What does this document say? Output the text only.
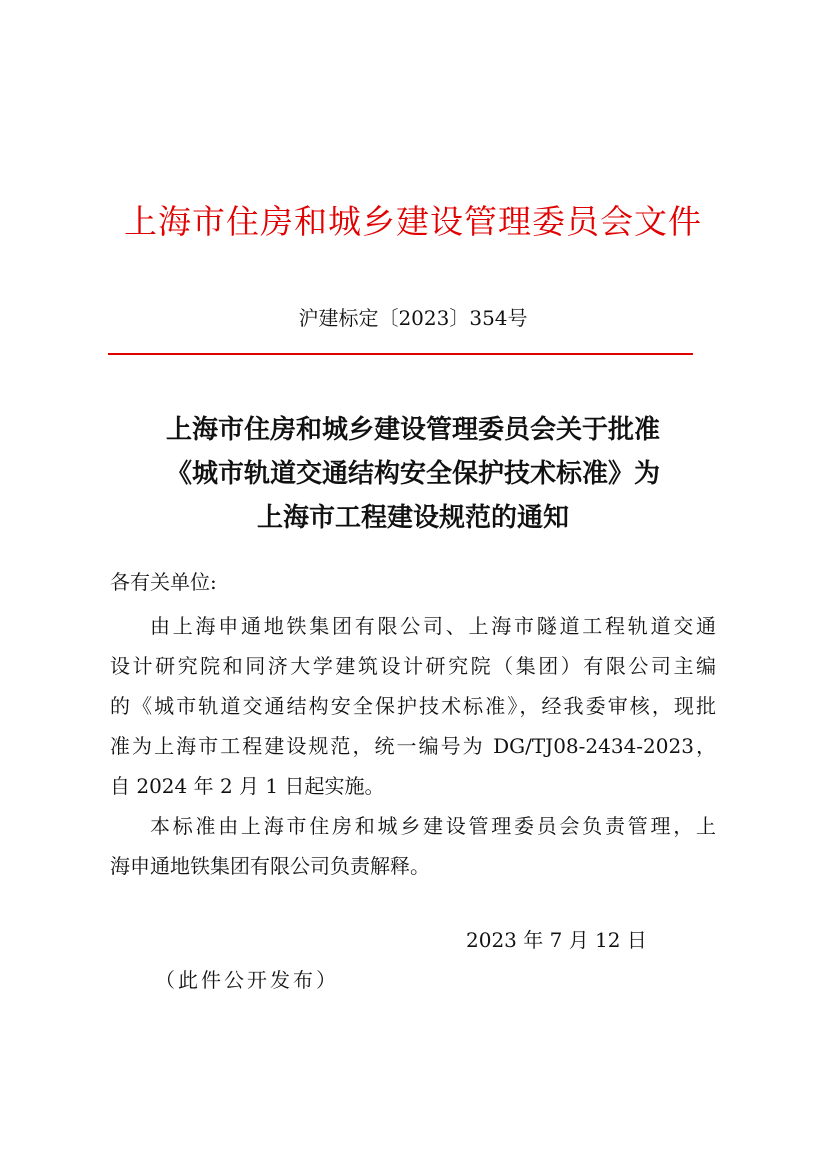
上海市住房和城乡建设管理委员会文件
沪建标定〔2023〕354号
上海市住房和城乡建设管理委员会关于批准
《城市轨道交通结构安全保护技术标准》为
上海市工程建设规范的通知
各有关单位:
由上海申通地铁集团有限公司、上海市隧道工程轨道交通
设计研究院和同济大学建筑设计研究院（集团）有限公司主编
的《城市轨道交通结构安全保护技术标准》，经我委审核，现批
准为上海市工程建设规范，统一编号为 DG/TJ08-2434-2023，
自 2024 年 2 月 1 日起实施。
本标准由上海市住房和城乡建设管理委员会负责管理，上
海申通地铁集团有限公司负责解释。
2023 年 7 月 12 日
（此件公开发布）
